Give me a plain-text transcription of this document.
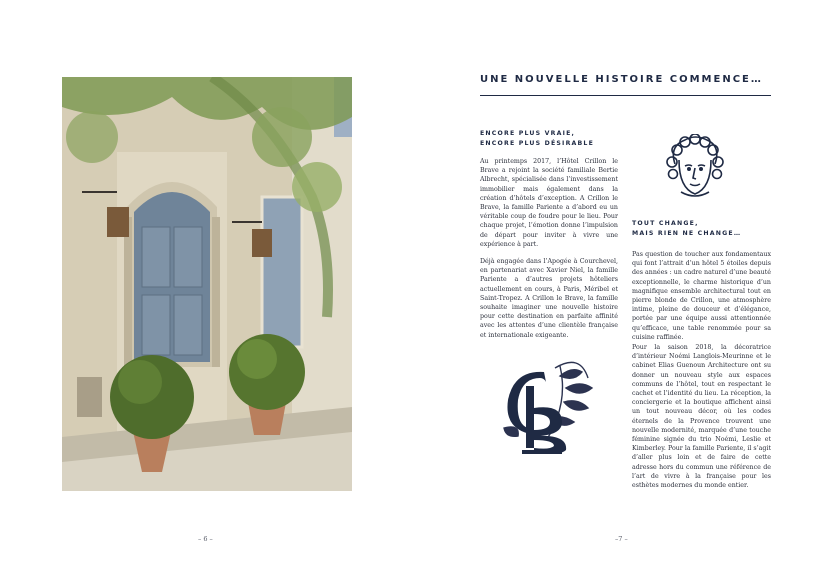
– 6 –
UNE NOUVELLE HISTOIRE COMMENCE…
ENCORE PLUS VRAIE,
ENCORE PLUS DÉSIRABLE

Au printemps 2017, l’Hôtel Crillon le Brave a rejoint la société familiale Bertie Albrecht, spécialisée dans l’investissement immobilier mais également dans la création d’hôtels d’exception. A Crillon le Brave, la famille Pariente a d’abord eu un véritable coup de foudre pour le lieu. Pour chaque projet, l’émotion donne l’impulsion de départ pour inviter à vivre une expérience à part.

Déjà engagée dans l’Apogée à Courchevel, en partenariat avec Xavier Niel, la famille Pariente a d’autres projets hôteliers actuellement en cours, à Paris, Méribel et Saint-Tropez. A Crillon le Brave, la famille souhaite imaginer une nouvelle histoire pour cette destination en parfaite affinité avec les attentes d’une clientèle française et internationale exigeante.

TOUT CHANGE,
MAIS RIEN NE CHANGE…

Pas question de toucher aux fondamentaux qui font l’attrait d’un hôtel 5 étoiles depuis des années : un cadre naturel d’une beauté exceptionnelle, le charme historique d’un magnifique ensemble architectural tout en pierre blonde de Crillon, une atmosphère intime, pleine de douceur et d’élégance, portée par une équipe aussi attentionnée qu’efficace, une table renommée pour sa cuisine raffinée.

Pour la saison 2018, la décoratrice d’intérieur Noémi Langlois-Meurinne et le cabinet Elias Guenoun Architecture ont su donner un nouveau style aux espaces communs de l’hôtel, tout en respectant le cachet et l’identité du lieu. La réception, la conciergerie et la boutique affichent ainsi un tout nouveau décor, où les codes éternels de la Provence trouvent une nouvelle modernité, marquée d’une touche féminine signée du trio Noémi, Leslie et Kimberley. Pour la famille Pariente, il s’agit d’aller plus loin et de faire de cette adresse hors du commun une référence de l’art de vivre à la française pour les esthètes modernes du monde entier.

–7 –
